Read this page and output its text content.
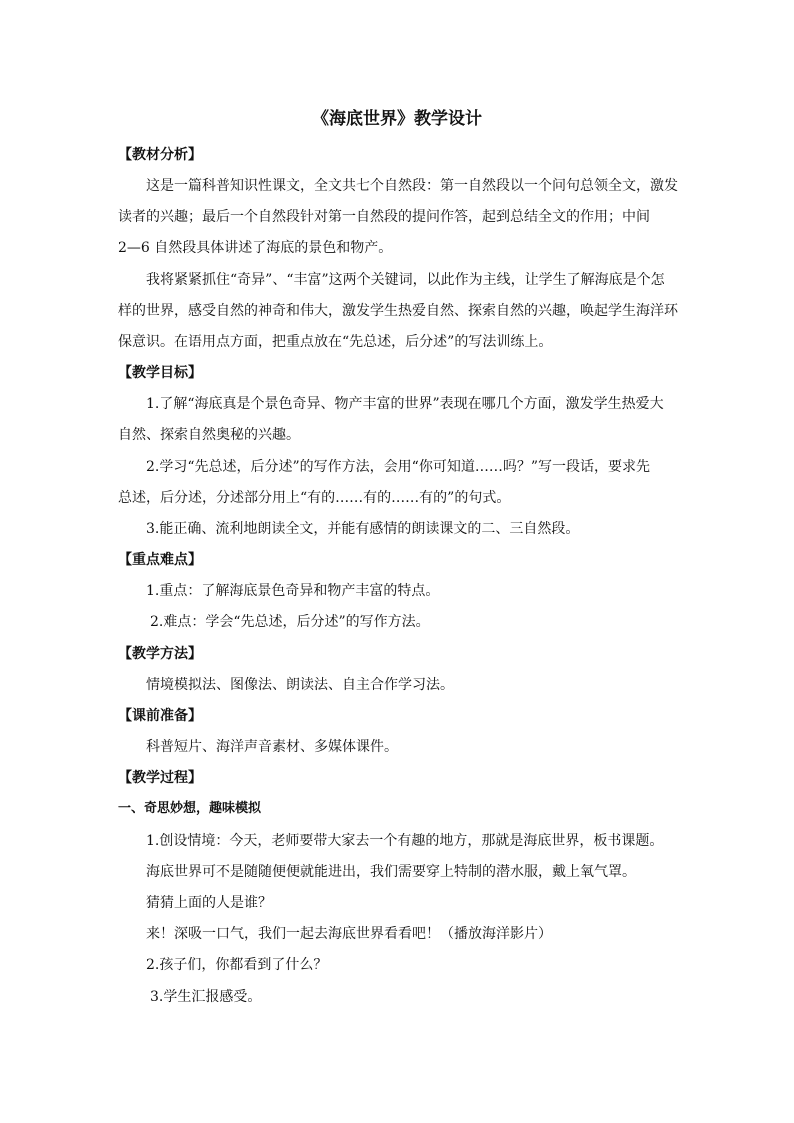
《海底世界》教学设计
【教材分析】
这是一篇科普知识性课文，全文共七个自然段：第一自然段以一个问句总领全文，激发
读者的兴趣；最后一个自然段针对第一自然段的提问作答，起到总结全文的作用；中间
2—6 自然段具体讲述了海底的景色和物产。
我将紧紧抓住“奇异”、“丰富”这两个关键词，以此作为主线，让学生了解海底是个怎
样的世界，感受自然的神奇和伟大，激发学生热爱自然、探索自然的兴趣，唤起学生海洋环
保意识。在语用点方面，把重点放在“先总述，后分述”的写法训练上。
【教学目标】
1.了解“海底真是个景色奇异、物产丰富的世界”表现在哪几个方面，激发学生热爱大
自然、探索自然奥秘的兴趣。
2.学习“先总述，后分述”的写作方法，会用“你可知道……吗？”写一段话，要求先
总述，后分述，分述部分用上“有的……有的……有的”的句式。
3.能正确、流利地朗读全文，并能有感情的朗读课文的二、三自然段。
【重点难点】
1.重点：了解海底景色奇异和物产丰富的特点。
2.难点：学会“先总述，后分述”的写作方法。
【教学方法】
情境模拟法、图像法、朗读法、自主合作学习法。
【课前准备】
科普短片、海洋声音素材、多媒体课件。
【教学过程】
一、奇思妙想，趣味模拟
1.创设情境：今天，老师要带大家去一个有趣的地方，那就是海底世界，板书课题。
海底世界可不是随随便便就能进出，我们需要穿上特制的潜水服，戴上氧气罩。
猜猜上面的人是谁？
来！深吸一口气，我们一起去海底世界看看吧！（播放海洋影片）
2.孩子们，你都看到了什么？
3.学生汇报感受。
